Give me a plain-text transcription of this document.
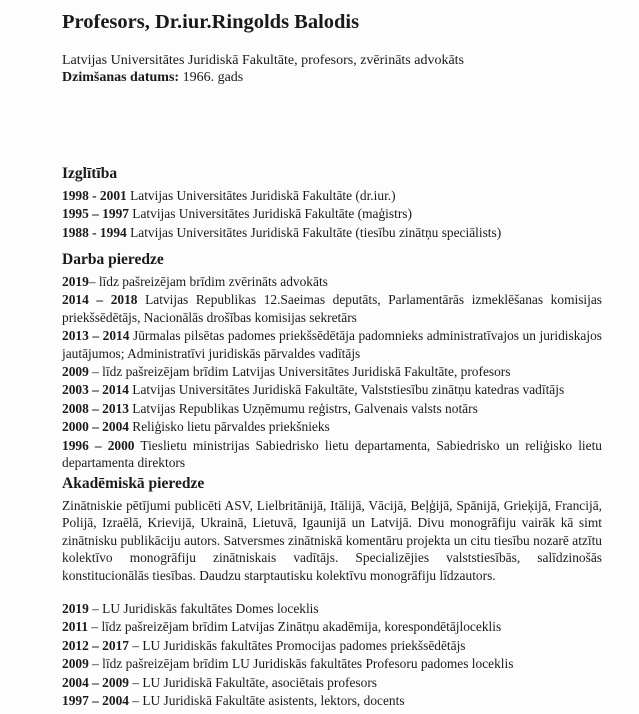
Profesors, Dr.iur.Ringolds Balodis
Latvijas Universitātes Juridiskā Fakultāte, profesors, zvērināts advokāts
Dzimšanas datums: 1966. gads
Izglītība
1998 - 2001 Latvijas Universitātes Juridiskā Fakultāte (dr.iur.)
1995 – 1997 Latvijas Universitātes Juridiskā Fakultāte (maģistrs)
1988 - 1994 Latvijas Universitātes Juridiskā Fakultāte (tiesību zinātņu speciālists)
Darba pieredze
2019– līdz pašreizējam brīdim zvērināts advokāts
2014 – 2018 Latvijas Republikas 12.Saeimas deputāts, Parlamentārās izmeklēšanas komisijas priekšsēdētājs, Nacionālās drošības komisijas sekretārs
2013 – 2014 Jūrmalas pilsētas padomes priekšsēdētāja padomnieks administratīvajos un juridiskajos jautājumos; Administratīvi juridiskās pārvaldes vadītājs
2009 – līdz pašreizējam brīdim Latvijas Universitātes Juridiskā Fakultāte, profesors
2003 – 2014 Latvijas Universitātes Juridiskā Fakultāte, Valststiesību zinātņu katedras vadītājs
2008 – 2013 Latvijas Republikas Uzņēmumu reģistrs, Galvenais valsts notārs
2000 – 2004 Reliģisko lietu pārvaldes priekšnieks
1996 – 2000 Tieslietu ministrijas Sabiedrisko lietu departamenta, Sabiedrisko un reliģisko lietu departamenta direktors
Akadēmiskā pieredze

Zinātniskie pētījumi publicēti ASV, Lielbritānijā, Itālijā, Vācijā, Beļģijā, Spānijā, Grieķijā, Francijā, Polijā, Izraēlā, Krievijā, Ukrainā, Lietuvā, Igaunijā un Latvijā. Divu monogrāfiju vairāk kā simt zinātnisku publikāciju autors. Satversmes zinātniskā komentāru projekta un citu tiesību nozarē atzītu kolektīvo monogrāfiju zinātniskais vadītājs. Specializējies valststiesībās, salīdzinošās konstitucionālās tiesības. Daudzu starptautisku kolektīvu monogrāfiju līdzautors.

2019 – LU Juridiskās fakultātes Domes loceklis
2011 – līdz pašreizējam brīdim Latvijas Zinātņu akadēmija, korespondētājloceklis
2012 – 2017 – LU Juridiskās fakultātes Promocijas padomes priekšsēdētājs
2009 – līdz pašreizējam brīdim LU Juridiskās fakultātes Profesoru padomes loceklis
2004 – 2009 – LU Juridiskā Fakultāte, asociētais profesors
1997 – 2004 – LU Juridiskā Fakultāte asistents, lektors, docents
